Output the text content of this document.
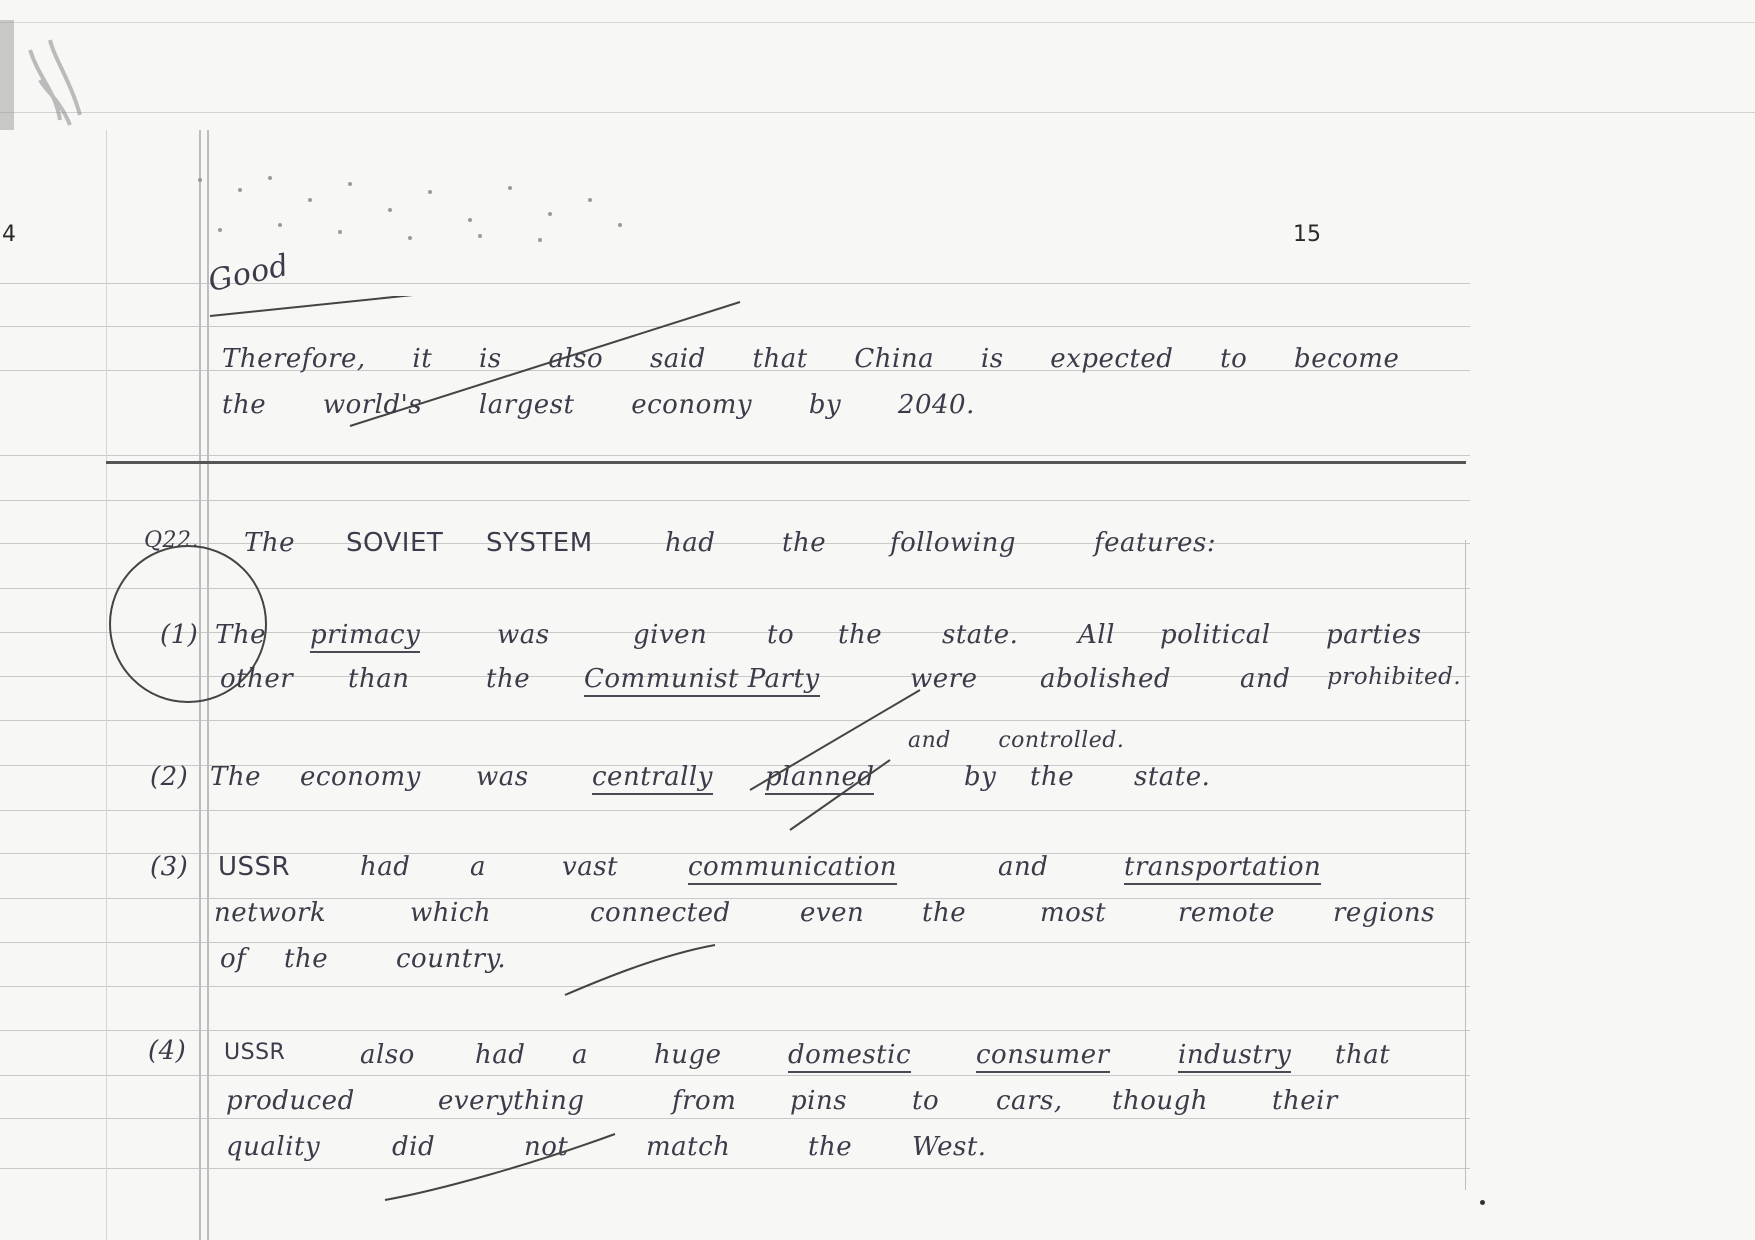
4	15
Good
Therefore, it is also said that China is expected to become
the world's largest economy by 2040.
Q22. The SOVIET SYSTEM	had	the following	features:
(1) The primacy	was	given to the state. All political parties
other than	the Communist Party	were abolished	and prohibited.
and controlled.
(2) The economy was centrally planned	by the state.
(3) USSR	had a	vast	communication	and	transportation
network	which	connected	even the	most	remote regions
of the	country.
(4) USSR	also had a	huge	domestic consumer	industry that
produced	everything	from pins to cars, though their
quality	did	not	match	the West.
